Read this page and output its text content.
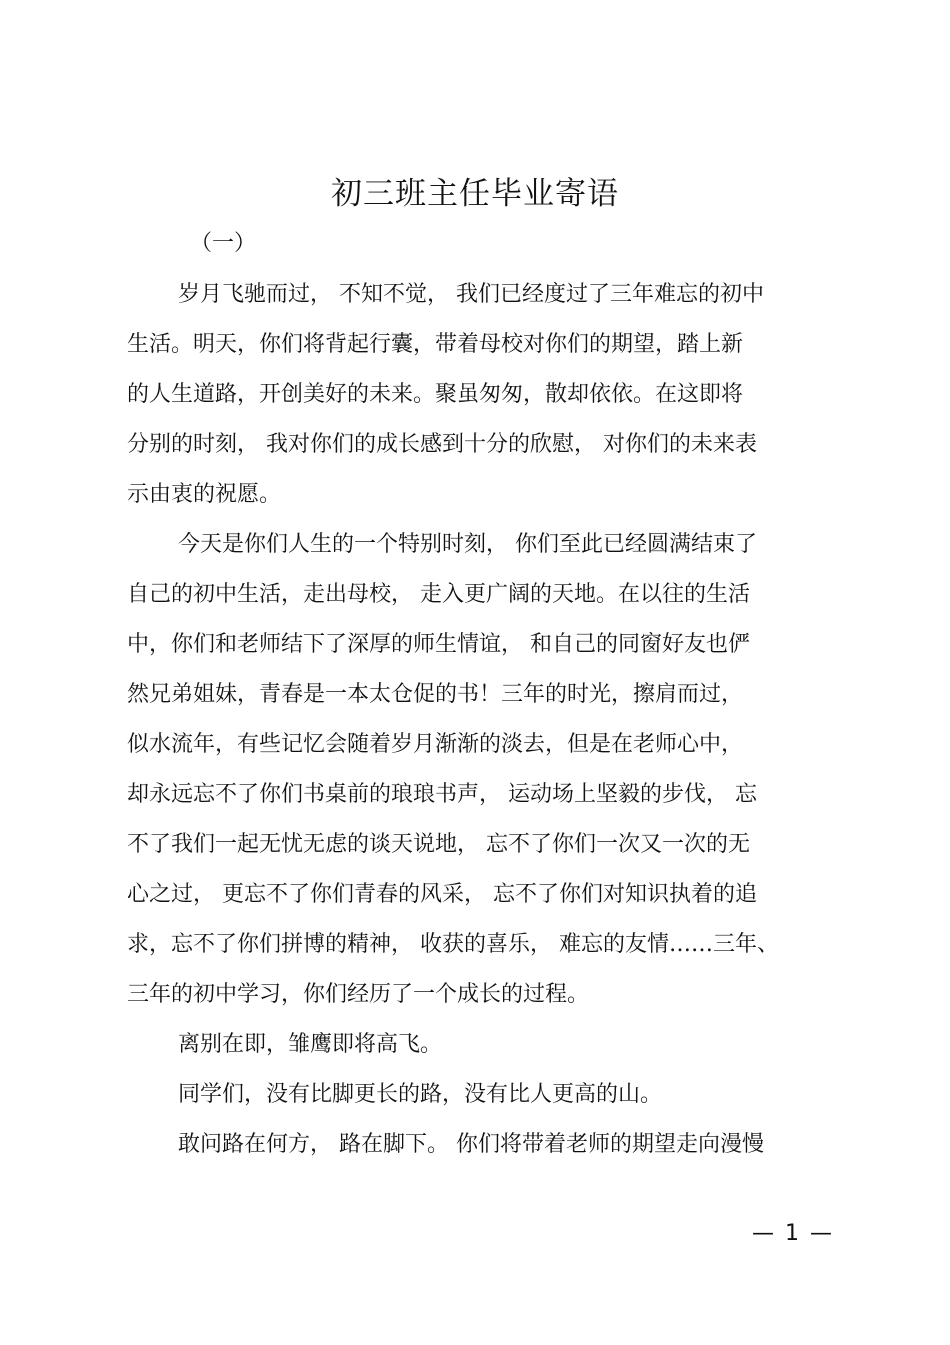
初三班主任毕业寄语
（一）
岁月飞驰而过， 不知不觉， 我们已经度过了三年难忘的初中
生活。明天，你们将背起行囊，带着母校对你们的期望，踏上新
的人生道路，开创美好的未来。聚虽匆匆，散却依依。在这即将
分别的时刻， 我对你们的成长感到十分的欣慰， 对你们的未来表
示由衷的祝愿。
今天是你们人生的一个特别时刻， 你们至此已经圆满结束了
自己的初中生活，走出母校， 走入更广阔的天地。在以往的生活
中，你们和老师结下了深厚的师生情谊， 和自己的同窗好友也俨
然兄弟姐妹，青春是一本太仓促的书！三年的时光，擦肩而过，
似水流年，有些记忆会随着岁月渐渐的淡去，但是在老师心中，
却永远忘不了你们书桌前的琅琅书声， 运动场上坚毅的步伐， 忘
不了我们一起无忧无虑的谈天说地， 忘不了你们一次又一次的无
心之过， 更忘不了你们青春的风采， 忘不了你们对知识执着的追
求，忘不了你们拼博的精神， 收获的喜乐， 难忘的友情……三年、
三年的初中学习，你们经历了一个成长的过程。
离别在即，雏鹰即将高飞。
同学们，没有比脚更长的路，没有比人更高的山。
敢问路在何方， 路在脚下。 你们将带着老师的期望走向漫慢
— 1 —
